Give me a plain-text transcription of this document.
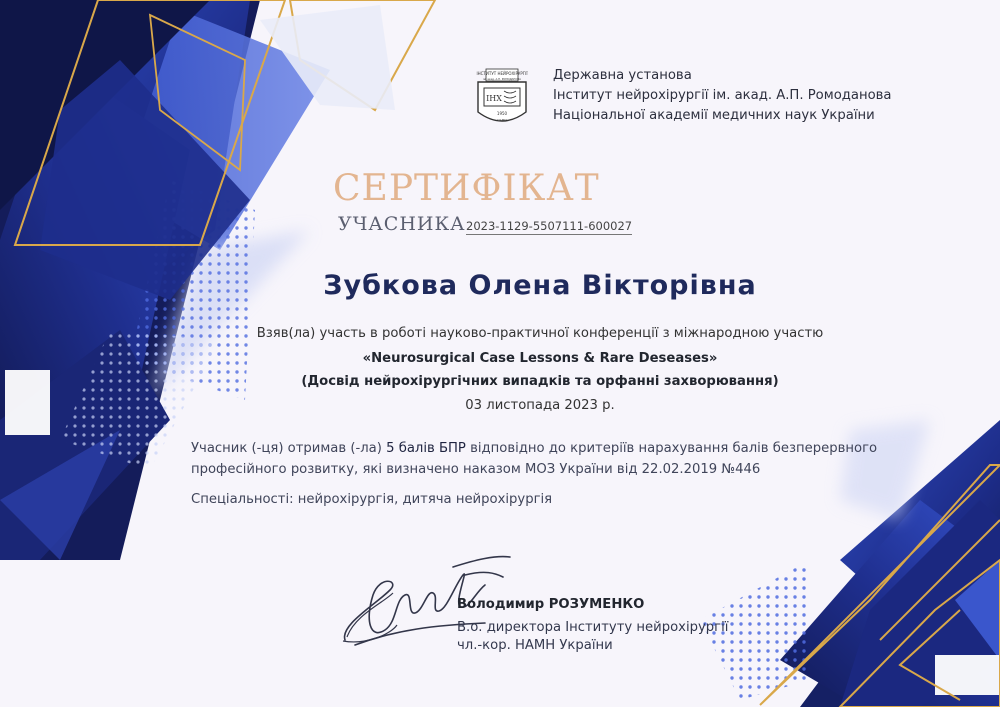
ІНСТИТУТ НЕЙРОХІРУРГІЇ
ім. акад. А.П. РОМОДАНОВА
ІНХ
1950
НАМН
Державна установа
Інститут нейрохірургії ім. акад. А.П. Ромоданова
Національної академії медичних наук України
СЕРТИФІКАТ
УЧАСНИКА 2023-1129-5507111-600027
Зубкова Олена Вікторівна
Взяв(ла) участь в роботі науково-практичної конференції з міжнародною участю
«Neurosurgical Case Lessons & Rare Deseases»
(Досвід нейрохірургічних випадків та орфанні захворювання)
03 листопада 2023 р.
Учасник (-ця) отримав (-ла) 5 балів БПР відповідно до критеріїв нарахування балів безперервного професійного розвитку, які визначено наказом МОЗ України від 22.02.2019 №446
Спеціальності: нейрохірургія, дитяча нейрохірургія
Володимир РОЗУМЕНКО
В.о. директора Інституту нейрохірургії
чл.-кор. НАМН України
